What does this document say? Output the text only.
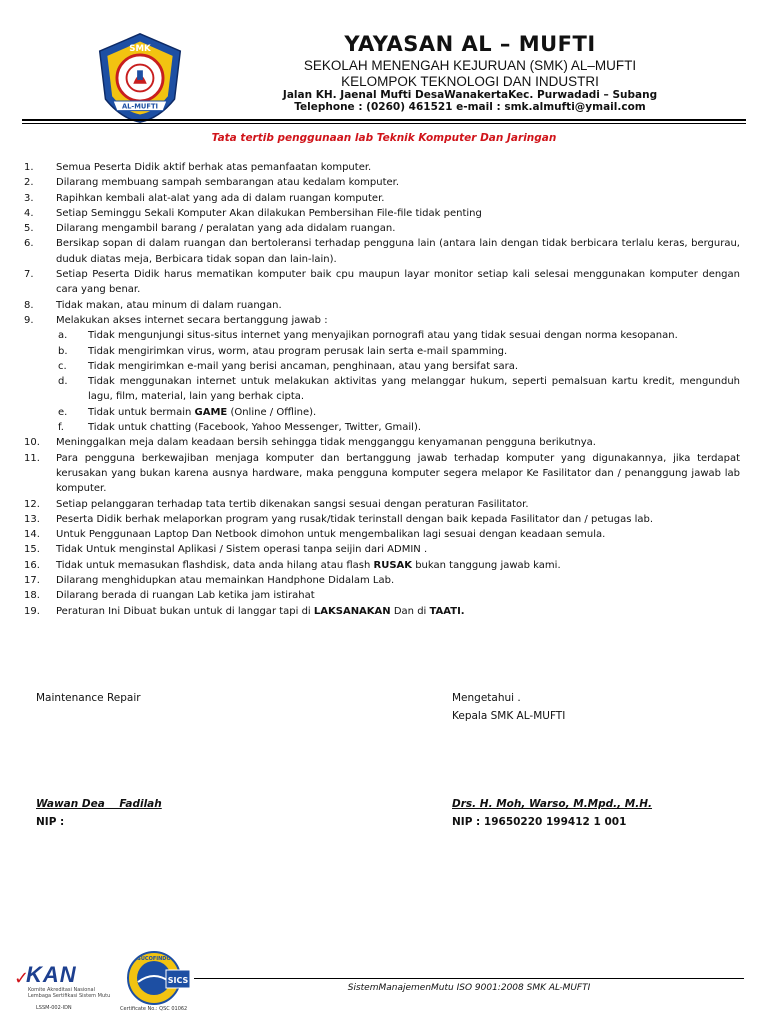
SMK
AL-MUFTI
YAYASAN AL – MUFTI
SEKOLAH MENENGAH KEJURUAN (SMK) AL–MUFTI
KELOMPOK TEKNOLOGI DAN INDUSTRI
Jalan KH. Jaenal Mufti DesaWanakertaKec. Purwadadi – Subang
Telephone : (0260) 461521 e-mail : smk.almufti@ymail.com
Tata tertib penggunaan lab Teknik Komputer Dan Jaringan
1.	Semua Peserta Didik aktif berhak atas pemanfaatan komputer.
2.	Dilarang membuang sampah sembarangan atau kedalam komputer.
3.	Rapihkan kembali alat-alat yang ada di dalam ruangan komputer.
4.	Setiap Seminggu Sekali Komputer Akan dilakukan Pembersihan File-file tidak penting
5.	Dilarang mengambil barang / peralatan yang ada didalam ruangan.
6.	Bersikap sopan di dalam ruangan dan bertoleransi terhadap pengguna lain (antara lain dengan tidak berbicara terlalu keras, bergurau, duduk diatas meja, Berbicara tidak sopan dan lain-lain).
7.	Setiap Peserta Didik harus mematikan komputer baik cpu maupun layar monitor setiap kali selesai menggunakan komputer dengan cara yang benar.
8.	Tidak makan, atau minum di dalam ruangan.
9.	Melakukan akses internet secara bertanggung jawab :
a.	Tidak mengunjungi situs-situs internet yang menyajikan pornografi atau yang tidak sesuai dengan norma kesopanan.
b.	Tidak mengirimkan virus, worm, atau program perusak lain serta e-mail spamming.
c.	Tidak mengirimkan e-mail yang berisi ancaman, penghinaan, atau yang bersifat sara.
d.	Tidak menggunakan internet untuk melakukan aktivitas yang melanggar hukum, seperti pemalsuan kartu kredit, mengunduh lagu, film, material, lain yang berhak cipta.
e.	Tidak untuk bermain GAME (Online / Offline).
f.	Tidak untuk chatting (Facebook, Yahoo Messenger, Twitter, Gmail).
10.	Meninggalkan meja dalam keadaan bersih sehingga tidak mengganggu kenyamanan pengguna berikutnya.
11.	Para pengguna berkewajiban menjaga komputer dan bertanggung jawab terhadap komputer yang digunakannya, jika terdapat kerusakan yang bukan karena ausnya hardware, maka pengguna komputer segera melapor Ke Fasilitator dan / penanggung jawab lab komputer.
12.	Setiap pelanggaran terhadap tata tertib dikenakan sangsi sesuai dengan peraturan Fasilitator.
13.	Peserta Didik berhak melaporkan program yang rusak/tidak terinstall dengan baik kepada Fasilitator dan / petugas lab.
14.	Untuk Penggunaan Laptop Dan Netbook dimohon untuk mengembalikan lagi sesuai dengan keadaan semula.
15.	Tidak Untuk menginstal Aplikasi / Sistem operasi tanpa seijin dari ADMIN .
16.	Tidak untuk memasukan flashdisk, data anda hilang atau flash RUSAK bukan tanggung jawab kami.
17.	Dilarang menghidupkan atau memainkan Handphone Didalam Lab.
18.	Dilarang berada di ruangan Lab ketika jam istirahat
19.	Peraturan Ini Dibuat bukan untuk di langgar tapi di LAKSANAKAN Dan di TAATI.
Maintenance Repair	Mengetahui .
Kepala SMK AL-MUFTI
Wawan Dea    Fadilah	Drs. H. Moh, Warso, M.Mpd., M.H.
NIP :	NIP : 19650220 199412 1 001
✓
KAN
Komite Akreditasi Nasional
Lembaga Sertifikasi Sistem Mutu
LSSM-002-IDN
SICS
SUCOFINDO
Certificate No.: QSC 01062
SistemManajemenMutu ISO 9001:2008 SMK AL-MUFTI
